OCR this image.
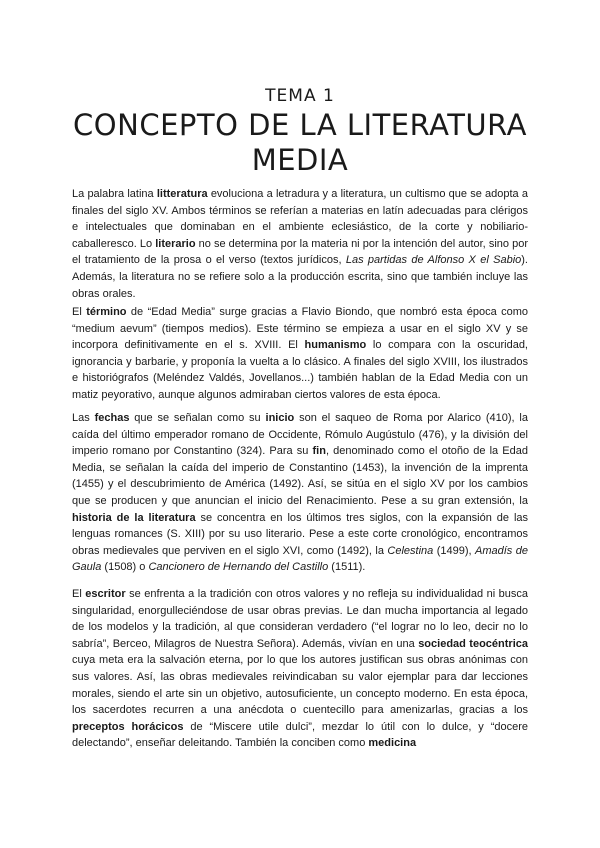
TEMA 1
CONCEPTO DE LA LITERATURA MEDIA

La palabra latina litteratura evoluciona a letradura y a literatura, un cultismo que se adopta a finales del siglo XV. Ambos términos se referían a materias en latín adecuadas para clérigos e intelectuales que dominaban en el ambiente eclesiástico, de la corte y nobiliario-caballeresco. Lo literario no se determina por la materia ni por la intención del autor, sino por el tratamiento de la prosa o el verso (textos jurídicos, Las partidas de Alfonso X el Sabio). Además, la literatura no se refiere solo a la producción escrita, sino que también incluye las obras orales.

El término de “Edad Media” surge gracias a Flavio Biondo, que nombró esta época como “medium aevum” (tiempos medios). Este término se empieza a usar en el siglo XV y se incorpora definitivamente en el s. XVIII. El humanismo lo compara con la oscuridad, ignorancia y barbarie, y proponía la vuelta a lo clásico. A finales del siglo XVIII, los ilustrados e historiógrafos (Meléndez Valdés, Jovellanos...) también hablan de la Edad Media con un matiz peyorativo, aunque algunos admiraban ciertos valores de esta época.

Las fechas que se señalan como su inicio son el saqueo de Roma por Alarico (410), la caída del último emperador romano de Occidente, Rómulo Augústulo (476), y la división del imperio romano por Constantino (324). Para su fin, denominado como el otoño de la Edad Media, se señalan la caída del imperio de Constantino (1453), la invención de la imprenta (1455) y el descubrimiento de América (1492). Así, se sitúa en el siglo XV por los cambios que se producen y que anuncian el inicio del Renacimiento. Pese a su gran extensión, la historia de la literatura se concentra en los últimos tres siglos, con la expansión de las lenguas romances (S. XIII) por su uso literario. Pese a este corte cronológico, encontramos obras medievales que perviven en el siglo XVI, como (1492), la Celestina (1499), Amadís de Gaula (1508) o Cancionero de Hernando del Castillo (1511).

El escritor se enfrenta a la tradición con otros valores y no refleja su individualidad ni busca singularidad, enorgulleciéndose de usar obras previas. Le dan mucha importancia al legado de los modelos y la tradición, al que consideran verdadero (“el lograr no lo leo, decir no lo sabría”, Berceo, Milagros de Nuestra Señora). Además, vivían en una sociedad teocéntrica cuya meta era la salvación eterna, por lo que los autores justifican sus obras anónimas con sus valores. Así, las obras medievales reivindicaban su valor ejemplar para dar lecciones morales, siendo el arte sin un objetivo, autosuficiente, un concepto moderno. En esta época, los sacerdotes recurren a una anécdota o cuentecillo para amenizarlas, gracias a los preceptos horácicos de “Miscere utile dulci”, mezdar lo útil con lo dulce, y “docere delectando”, enseñar deleitando. También la conciben como medicina
